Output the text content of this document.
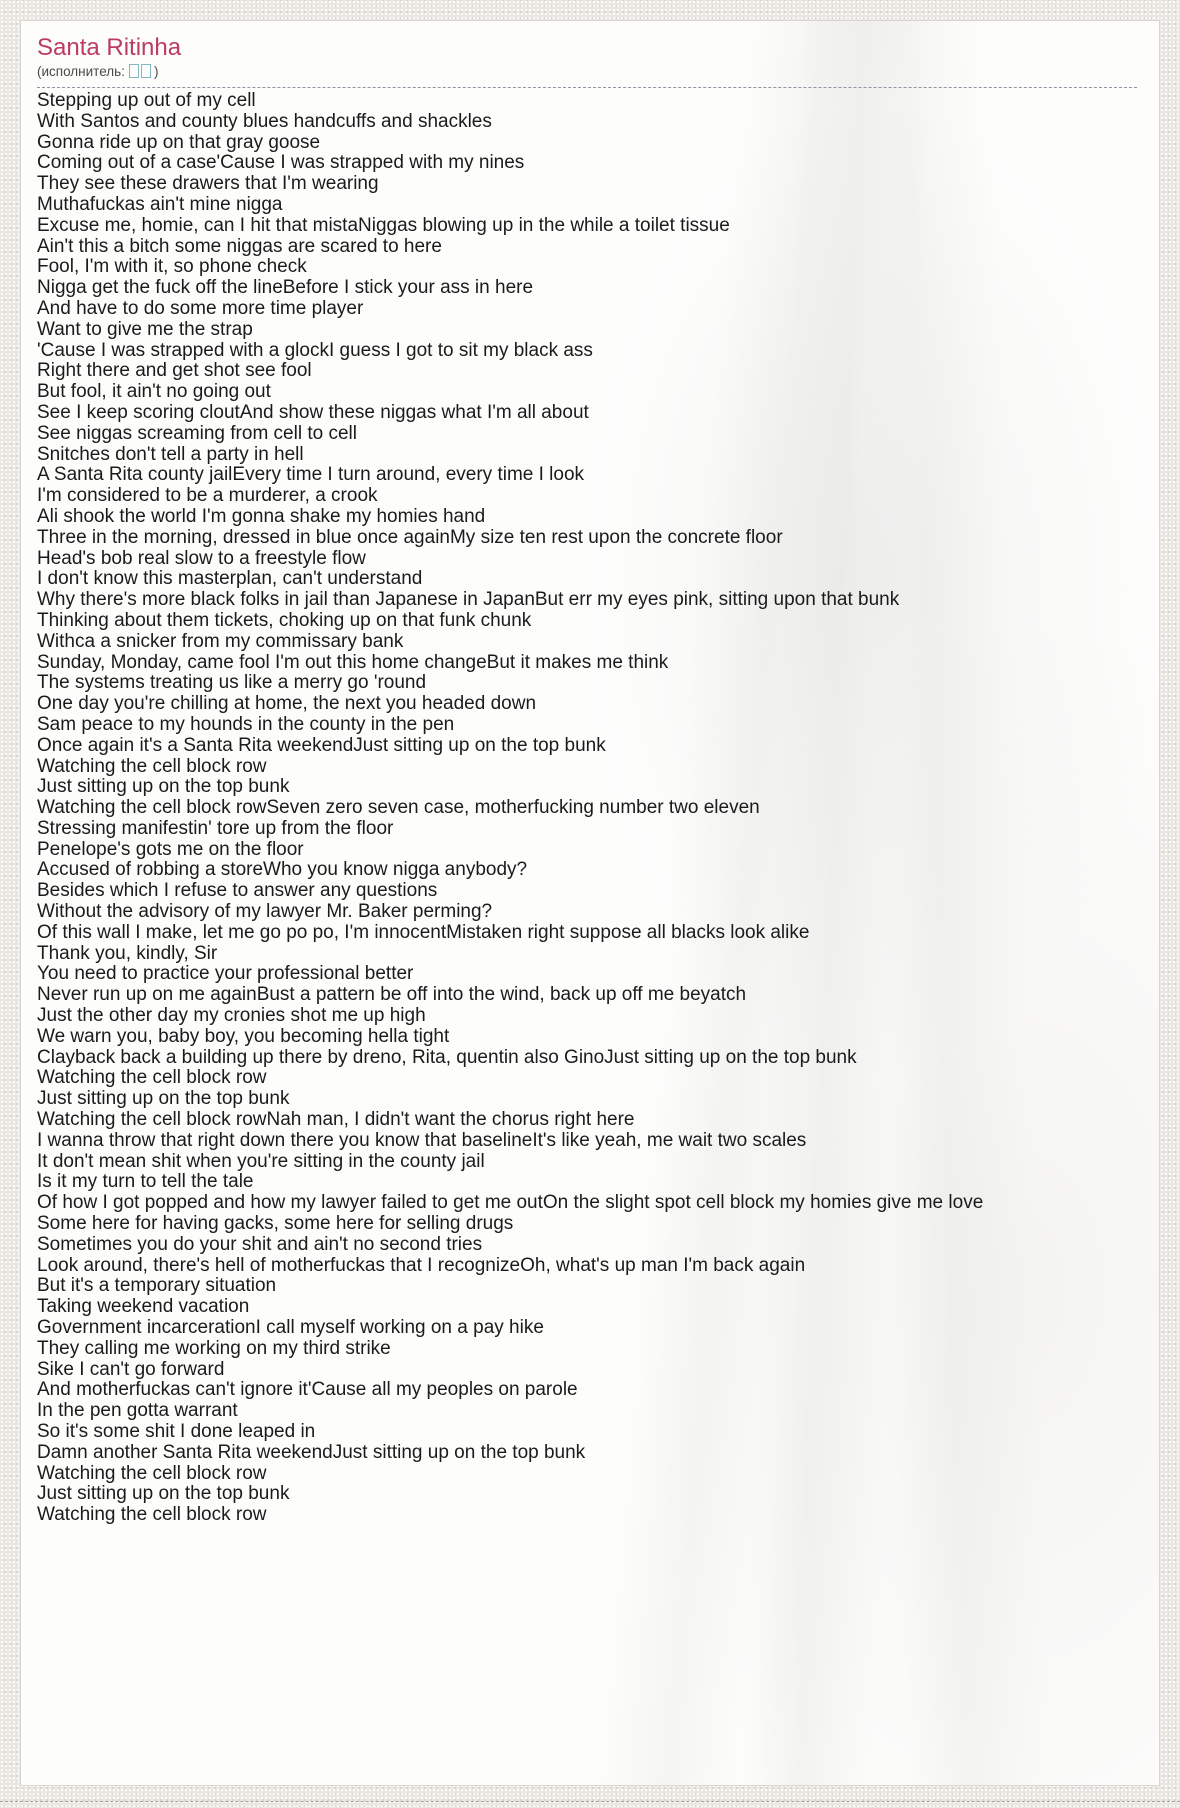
Santa Ritinha
(исполнитель: )
Stepping up out of my cell
With Santos and county blues handcuffs and shackles
Gonna ride up on that gray goose
Coming out of a case'Cause I was strapped with my nines
They see these drawers that I'm wearing
Muthafuckas ain't mine nigga
Excuse me, homie, can I hit that mistaNiggas blowing up in the while a toilet tissue
Ain't this a bitch some niggas are scared to here
Fool, I'm with it, so phone check
Nigga get the fuck off the lineBefore I stick your ass in here
And have to do some more time player
Want to give me the strap
'Cause I was strapped with a glockI guess I got to sit my black ass
Right there and get shot see fool
But fool, it ain't no going out
See I keep scoring cloutAnd show these niggas what I'm all about
See niggas screaming from cell to cell
Snitches don't tell a party in hell
A Santa Rita county jailEvery time I turn around, every time I look
I'm considered to be a murderer, a crook
Ali shook the world I'm gonna shake my homies hand
Three in the morning, dressed in blue once againMy size ten rest upon the concrete floor
Head's bob real slow to a freestyle flow
I don't know this masterplan, can't understand
Why there's more black folks in jail than Japanese in JapanBut err my eyes pink, sitting upon that bunk
Thinking about them tickets, choking up on that funk chunk
Withca a snicker from my commissary bank
Sunday, Monday, came fool I'm out this home changeBut it makes me think
The systems treating us like a merry go 'round
One day you're chilling at home, the next you headed down
Sam peace to my hounds in the county in the pen
Once again it's a Santa Rita weekendJust sitting up on the top bunk
Watching the cell block row
Just sitting up on the top bunk
Watching the cell block rowSeven zero seven case, motherfucking number two eleven
Stressing manifestin' tore up from the floor
Penelope's gots me on the floor
Accused of robbing a storeWho you know nigga anybody?
Besides which I refuse to answer any questions
Without the advisory of my lawyer Mr. Baker perming?
Of this wall I make, let me go po po, I'm innocentMistaken right suppose all blacks look alike
Thank you, kindly, Sir
You need to practice your professional better
Never run up on me againBust a pattern be off into the wind, back up off me beyatch
Just the other day my cronies shot me up high
We warn you, baby boy, you becoming hella tight
Clayback back a building up there by dreno, Rita, quentin also GinoJust sitting up on the top bunk
Watching the cell block row
Just sitting up on the top bunk
Watching the cell block rowNah man, I didn't want the chorus right here
I wanna throw that right down there you know that baselineIt's like yeah, me wait two scales
It don't mean shit when you're sitting in the county jail
Is it my turn to tell the tale
Of how I got popped and how my lawyer failed to get me outOn the slight spot cell block my homies give me love
Some here for having gacks, some here for selling drugs
Sometimes you do your shit and ain't no second tries
Look around, there's hell of motherfuckas that I recognizeOh, what's up man I'm back again
But it's a temporary situation
Taking weekend vacation
Government incarcerationI call myself working on a pay hike
They calling me working on my third strike
Sike I can't go forward
And motherfuckas can't ignore it'Cause all my peoples on parole
In the pen gotta warrant
So it's some shit I done leaped in
Damn another Santa Rita weekendJust sitting up on the top bunk
Watching the cell block row
Just sitting up on the top bunk
Watching the cell block row
